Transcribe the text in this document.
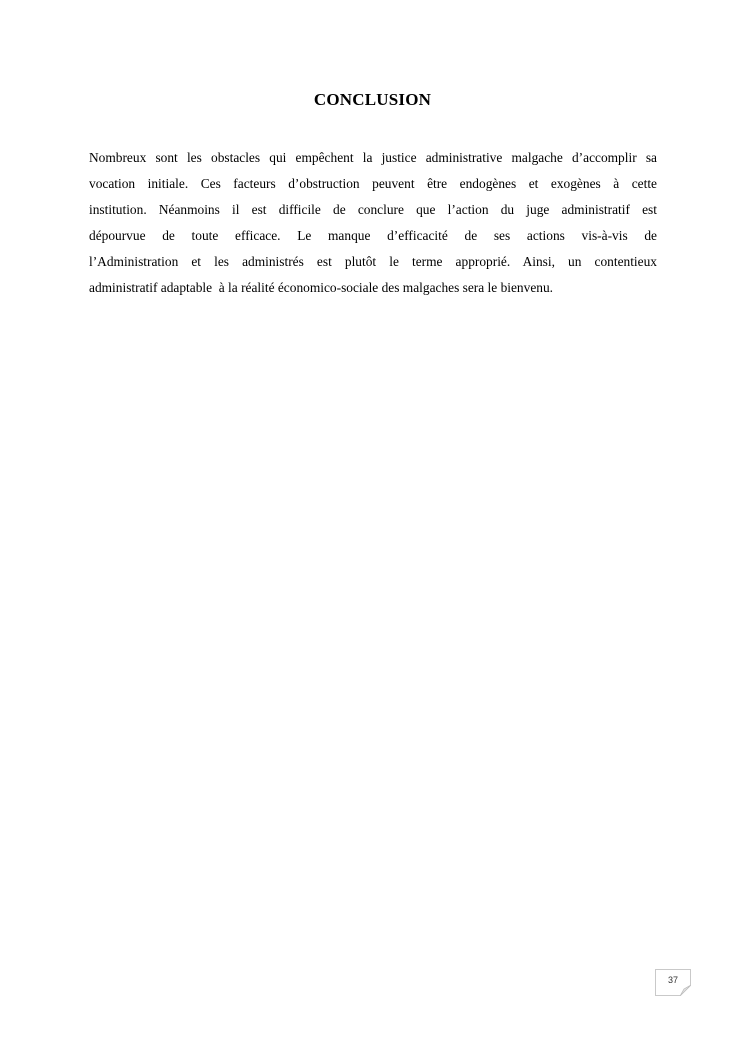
CONCLUSION
Nombreux sont les obstacles qui empêchent la justice administrative malgache d’accomplir sa
vocation initiale. Ces facteurs d’obstruction peuvent être endogènes et exogènes à cette
institution. Néanmoins il est difficile de conclure que l’action du juge administratif est
dépourvue de toute efficace. Le manque d’efficacité de ses actions vis-à-vis de
l’Administration et les administrés est plutôt le terme approprié. Ainsi, un contentieux
administratif adaptable  à la réalité économico-sociale des malgaches sera le bienvenu.
37
